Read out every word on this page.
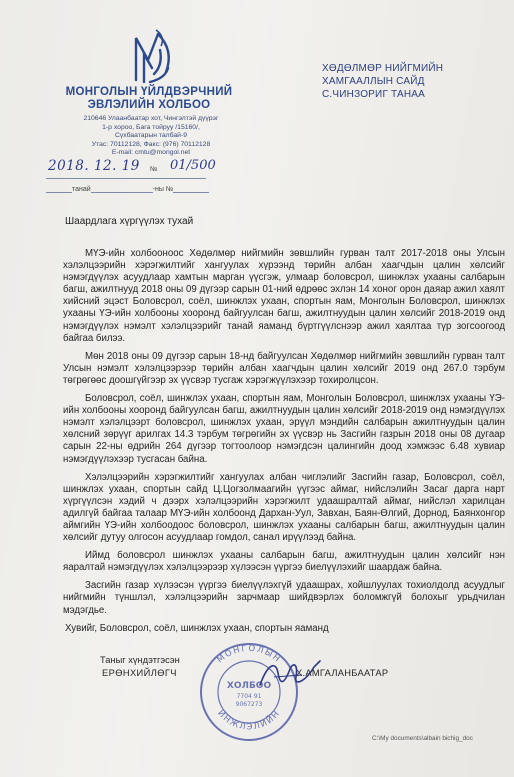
МОНГОЛЫН ҮЙЛДВЭРЧНИЙ
ЭВЛЭЛИЙН ХОЛБОО
210646 Улаанбаатар хот, Чингэлтэй дүүрэг
1-р хороо, Бага тойруу /15160/,
Сүхбаатарын талбай-9
Утас: 70112128, Факс: (976) 70112128
E-mail: cmtu@mongol.net
ХӨДӨЛМӨР НИЙГМИЙН
ХАМГААЛЛЫН САЙД
С.ЧИНЗОРИГ ТАНАА
2018. 12. 19 № 01/500
танай	-ны №
Шаардлага хүргүүлэх тухай

МҮЭ-ийн холбооноос Хөдөлмөр нийгмийн зөвшлийн гурван талт 2017-2018 оны Улсын хэлэлцээрийн хэрэгжилтийг хангуулах хүрээнд төрийн албан хаагчдын цалин хөлсийг нэмэгдүүлэх асуудлаар хамтын марган үүсгэж, улмаар боловсрол, шинжлэх ухааны салбарын багш, ажилтнууд 2018 оны 09 дүгээр сарын 01-ний өдрөөс эхлэн 14 хоног орон даяар ажил хаялт хийсний эцэст Боловсрол, соёл, шинжлэх ухаан, спортын яам, Монголын Боловсрол, шинжлэх ухааны ҮЭ-ийн холбооны хооронд байгуулсан багш, ажилтнуудын цалин хөлсийг 2018-2019 онд нэмэгдүүлэх нэмэлт хэлэлцээрийг танай яаманд бүртгүүлснээр ажил хаялтаа түр зогсоогоод байгаа билээ.

Мөн 2018 оны 09 дүгээр сарын 18-нд байгуулсан Хөдөлмөр нийгмийн зөвшлийн гурван талт Улсын нэмэлт хэлэлцээрээр төрийн албан хаагчдын цалин хөлсийг 2019 онд 267.0 тэрбум төгрөгөөс доошгүйгээр эх үүсвэр тусгаж хэрэгжүүлэхээр тохиролцсон.

Боловсрол, соёл, шинжлэх ухаан, спортын яам, Монголын Боловсрол, шинжлэх ухааны ҮЭ-ийн холбооны хооронд байгуулсан багш, ажилтнуудын цалин хөлсийг 2018-2019 онд нэмэгдүүлэх нэмэлт хэлэлцээрт боловсрол, шинжлэх ухаан, эрүүл мэндийн салбарын ажилтнуудын цалин хөлсний зөрүүг арилгах 14.3 тэрбум төгрөгийн эх үүсвэр нь Засгийн газрын 2018 оны 08 дугаар сарын 22-ны өдрийн 264 дүгээр тогтоолоор нэмэгдсэн цалингийн доод хэмжээс 6.48 хувиар нэмэгдүүлэхээр тусгасан байна.

Хэлэлцээрийн хэрэгжилтийг хангуулах албан чиглэлийг Засгийн газар, Боловсрол, соёл, шинжлэх ухаан, спортын сайд Ц.Цогзолмаагийн үүгээс аймаг, нийслэлийн Засаг дарга нарт хүргүүлсэн хэдий ч дээрх хэлэлцээрийн хэрэгжилт удаашралтай аймаг, нийслэл харилцан адилгүй байгаа талаар МҮЭ-ийн холбоонд Дархан-Уул, Завхан, Баян-Өлгий, Дорнод, Баянхонгор аймгийн ҮЭ-ийн холбоодоос боловсрол, шинжлэх ухааны салбарын багш, ажилтнуудын цалин хөлсийг дутуу олгосон асуудлаар гомдол, санал ирүүлээд байна.

Иймд боловсрол шинжлэх ухааны салбарын багш, ажилтнуудын цалин хөлсийг нэн яаралтай нэмэгдүүлэх хэлэлцээрээр хүлээсэн үүргээ биелүүлэхийг шаардаж байна.

Засгийн газар хүлээсэн үүргээ биелүүлэхгүй удаашрах, хойшлуулах тохиолдолд асуудлыг нийгмийн түншлэл, хэлэлцээрийн зарчмаар шийдвэрлэх боломжгүй болохыг урьдчилан мэдэгдье.

Хувийг, Боловсрол, соёл, шинжлэх ухаан, спортын яаманд

МОНГОЛЫН
ИНЖЛЭЛИЙН
ХОЛБОО
7704 91
9067273
Таныг хүндэтгэсэн
ЕРӨНХИЙЛӨГЧ	Х.АМГАЛАНБААТАР
C:\My documents\albain bichig_doc
